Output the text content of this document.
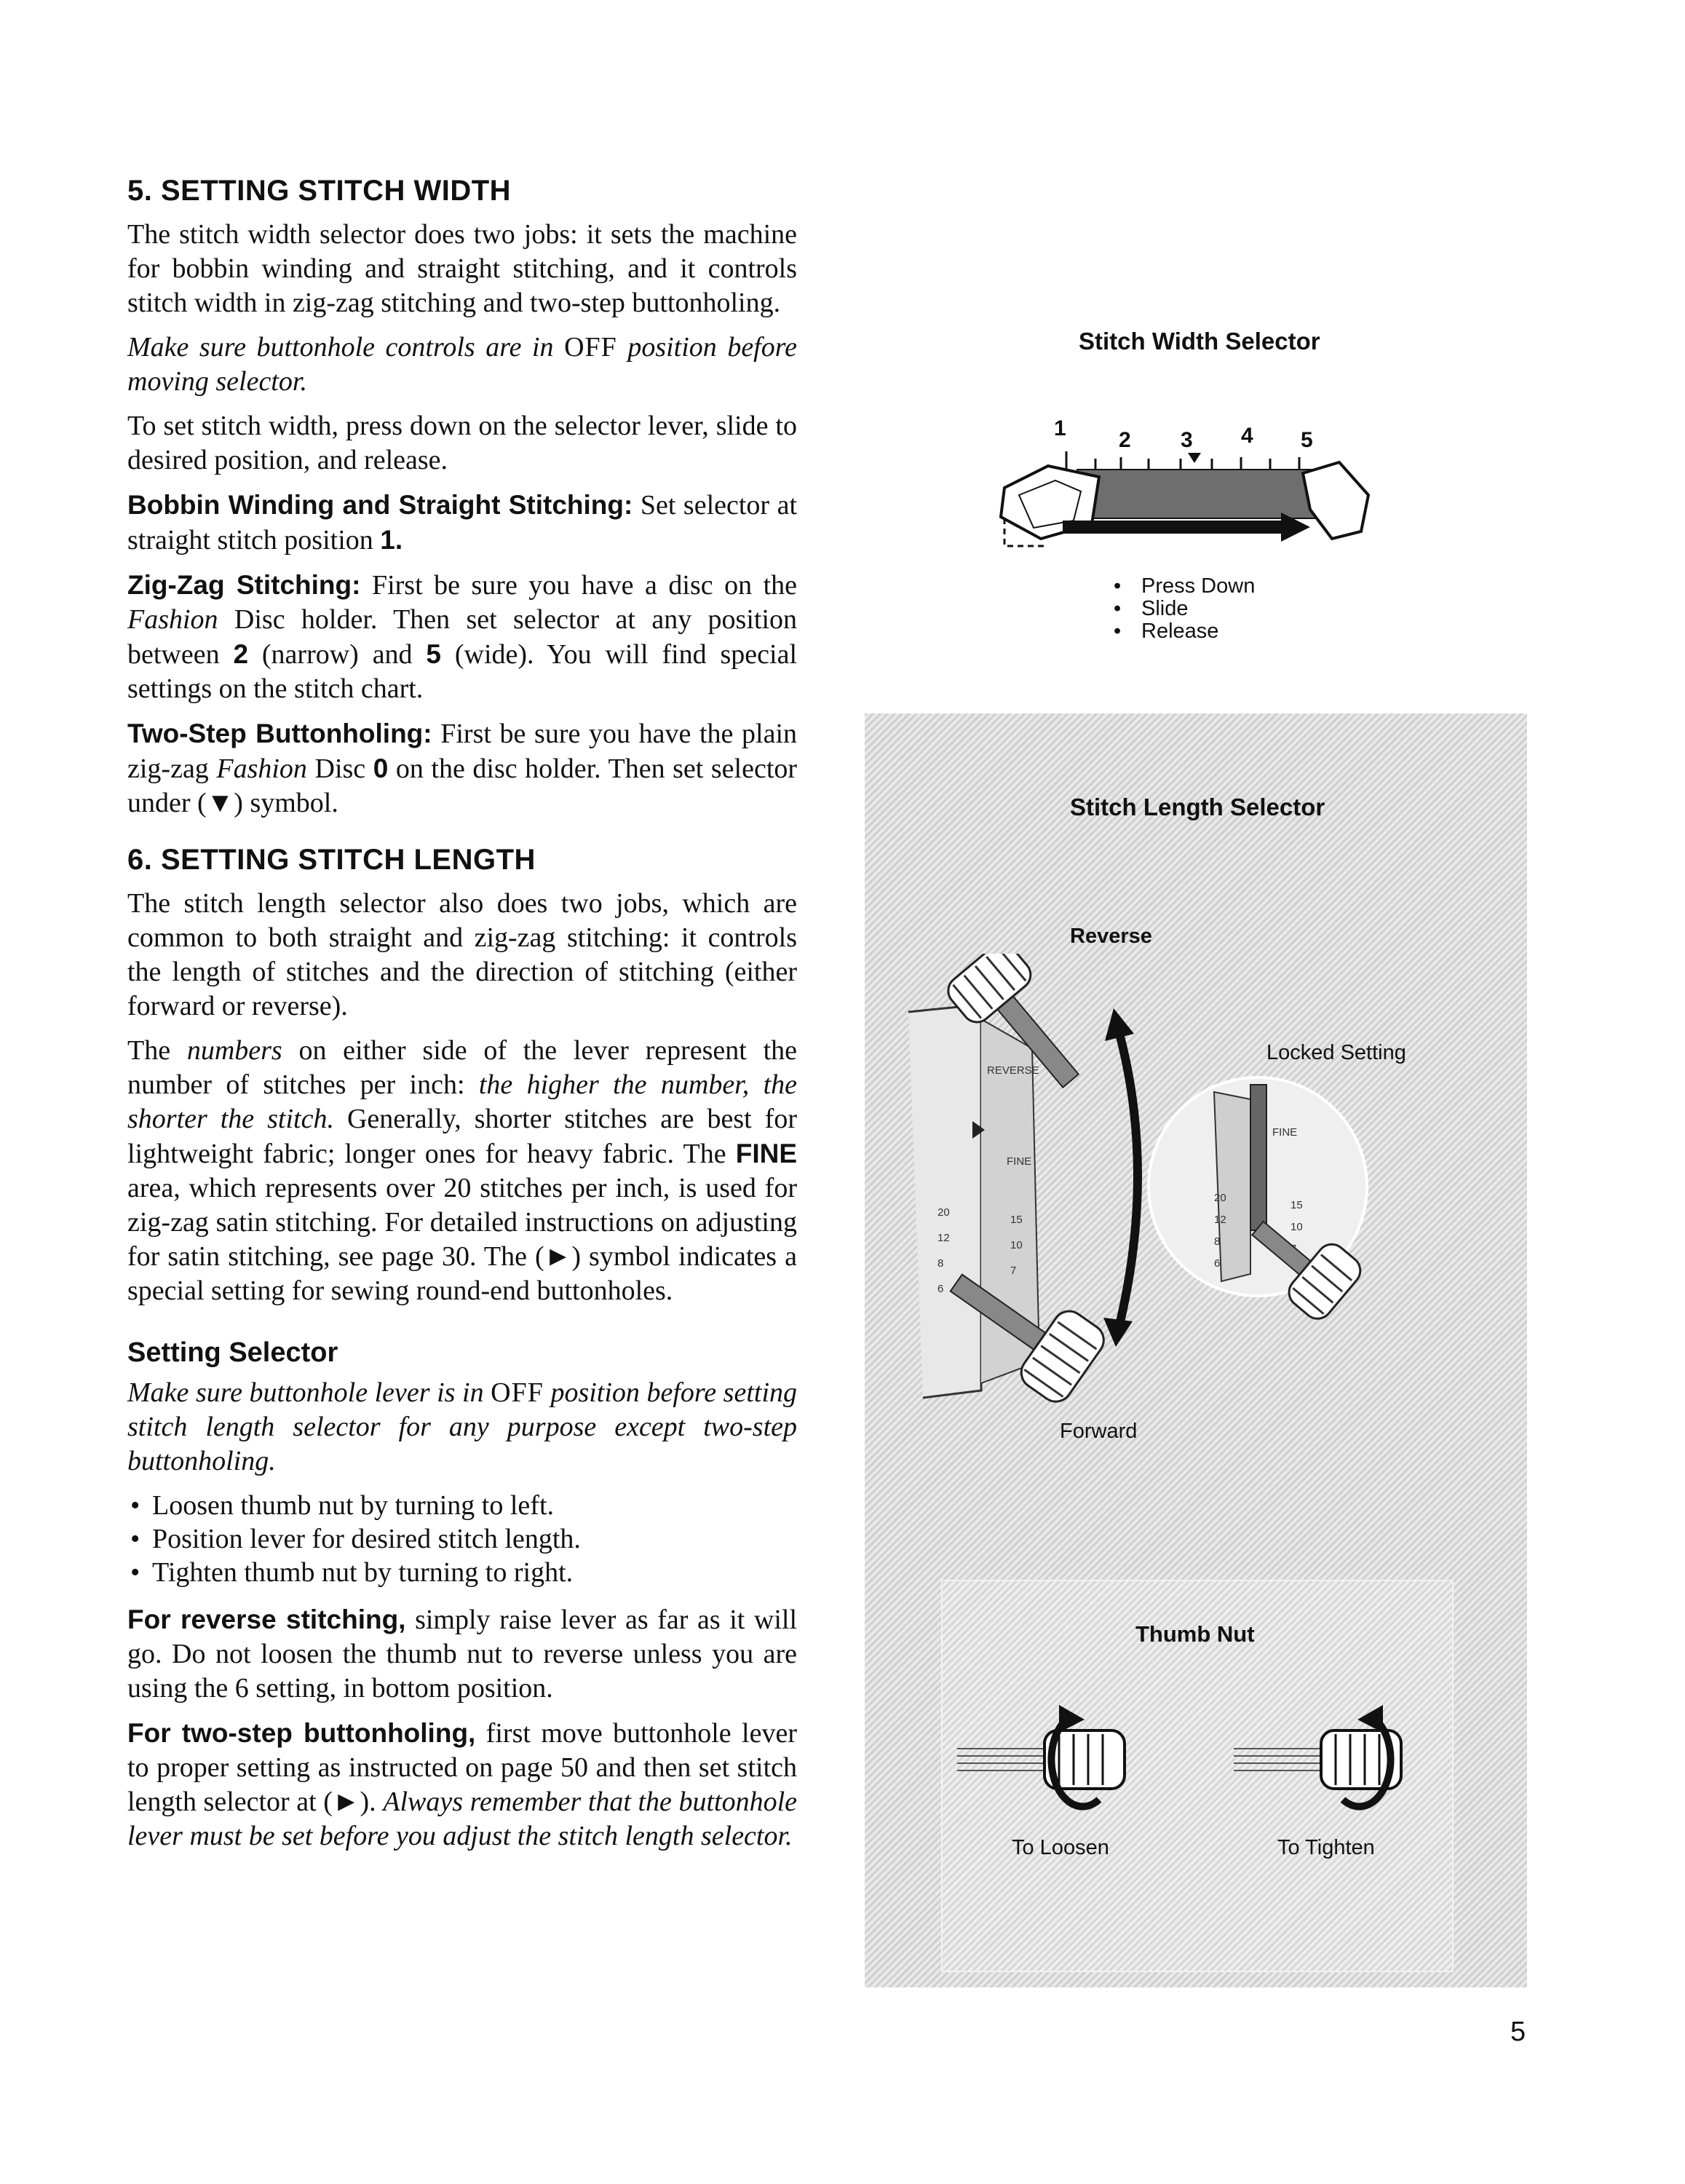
5. SETTING STITCH WIDTH

The stitch width selector does two jobs: it sets the machine for bobbin winding and straight stitching, and it controls stitch width in zig-zag stitching and two-step buttonholing.

Make sure buttonhole controls are in OFF position before moving selector.

To set stitch width, press down on the selector lever, slide to desired position, and release.

Bobbin Winding and Straight Stitching: Set selector at straight stitch position 1.

Zig-Zag Stitching: First be sure you have a disc on the Fashion Disc holder. Then set selector at any position between 2 (narrow) and 5 (wide). You will find special settings on the stitch chart.

Two-Step Buttonholing: First be sure you have the plain zig-zag Fashion Disc 0 on the disc holder. Then set selector under (▼) symbol.

6. SETTING STITCH LENGTH

The stitch length selector also does two jobs, which are common to both straight and zig-zag stitching: it controls the length of stitches and the direction of stitching (either forward or reverse).

The numbers on either side of the lever represent the number of stitches per inch: the higher the number, the shorter the stitch. Generally, shorter stitches are best for lightweight fabric; longer ones for heavy fabric. The FINE area, which represents over 20 stitches per inch, is used for zig-zag satin stitching. For detailed instructions on adjusting for satin stitching, see page 30. The (►) symbol indicates a special setting for sewing round-end buttonholes.

Setting Selector

Make sure buttonhole lever is in OFF position before setting stitch length selector for any purpose except two-step buttonholing.

• Loosen thumb nut by turning to left.
• Position lever for desired stitch length.
• Tighten thumb nut by turning to right.

For reverse stitching, simply raise lever as far as it will go. Do not loosen the thumb nut to reverse unless you are using the 6 setting, in bottom position.

For two-step buttonholing, first move buttonhole lever to proper setting as instructed on page 50 and then set stitch length selector at (►). Always remember that the buttonhole lever must be set before you adjust the stitch length selector.

Stitch Width Selector
1 2 3 4 5
• Press Down
• Slide
• Release
Stitch Length Selector
Reverse
Locked Setting
Forward
REVERSE
FINE
20
12
8
6
15
10
7
FINE
20
12
8
6
15
10
Thumb Nut
To Loosen	To Tighten
5
